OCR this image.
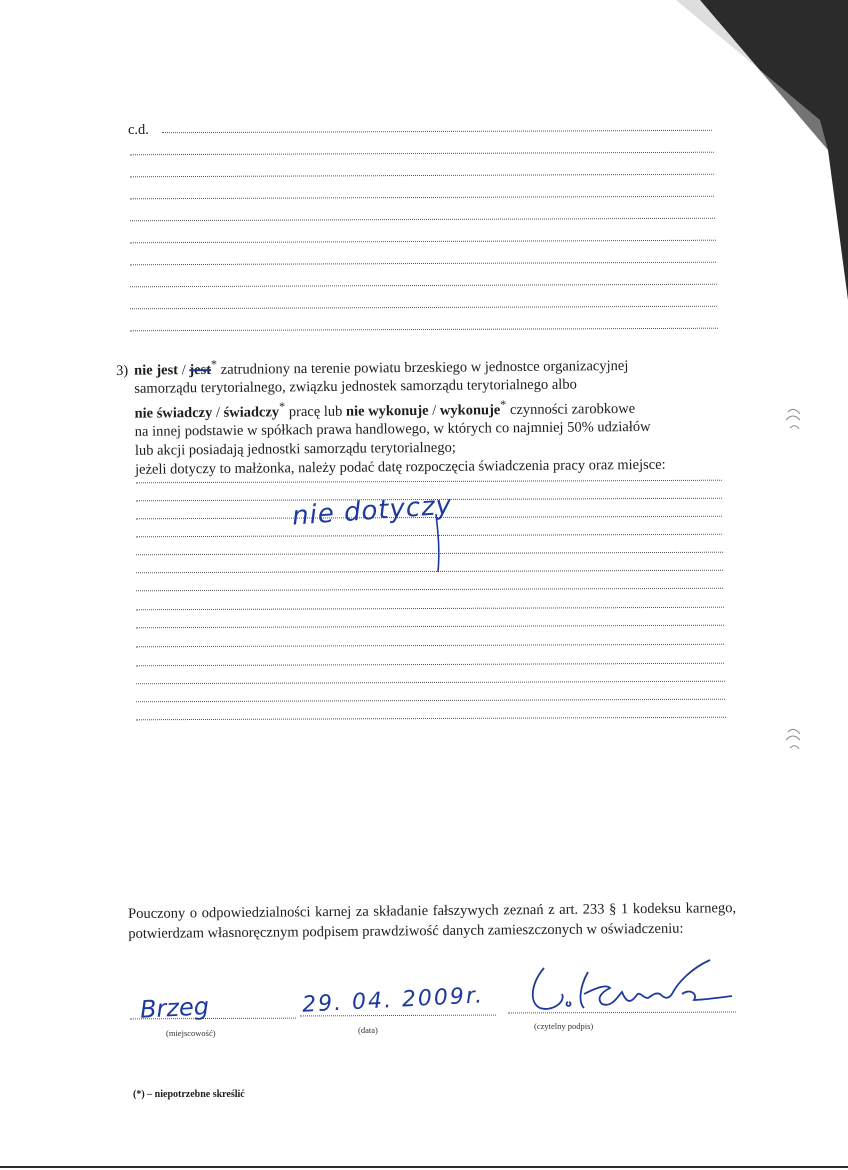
c.d.
3) nie jest / jest* zatrudniony na terenie powiatu brzeskiego w jednostce organizacyjnej
samorządu terytorialnego, związku jednostek samorządu terytorialnego albo
nie świadczy / świadczy* pracę lub nie wykonuje / wykonuje* czynności zarobkowe
na innej podstawie w spółkach prawa handlowego, w których co najmniej 50% udziałów
lub akcji posiadają jednostki samorządu terytorialnego;
jeżeli dotyczy to małżonka, należy podać datę rozpoczęcia świadczenia pracy oraz miejsce:
nie dotyczy
Pouczony o odpowiedzialności karnej za składanie fałszywych zeznań z art. 233 § 1 kodeksu karnego, potwierdzam własnoręcznym podpisem prawdziwość danych zamieszczonych w oświadczeniu:
Brzeg	29. 04. 2009r.
(miejscowość)	(data)	(czytelny podpis)
(*) – niepotrzebne skreślić
